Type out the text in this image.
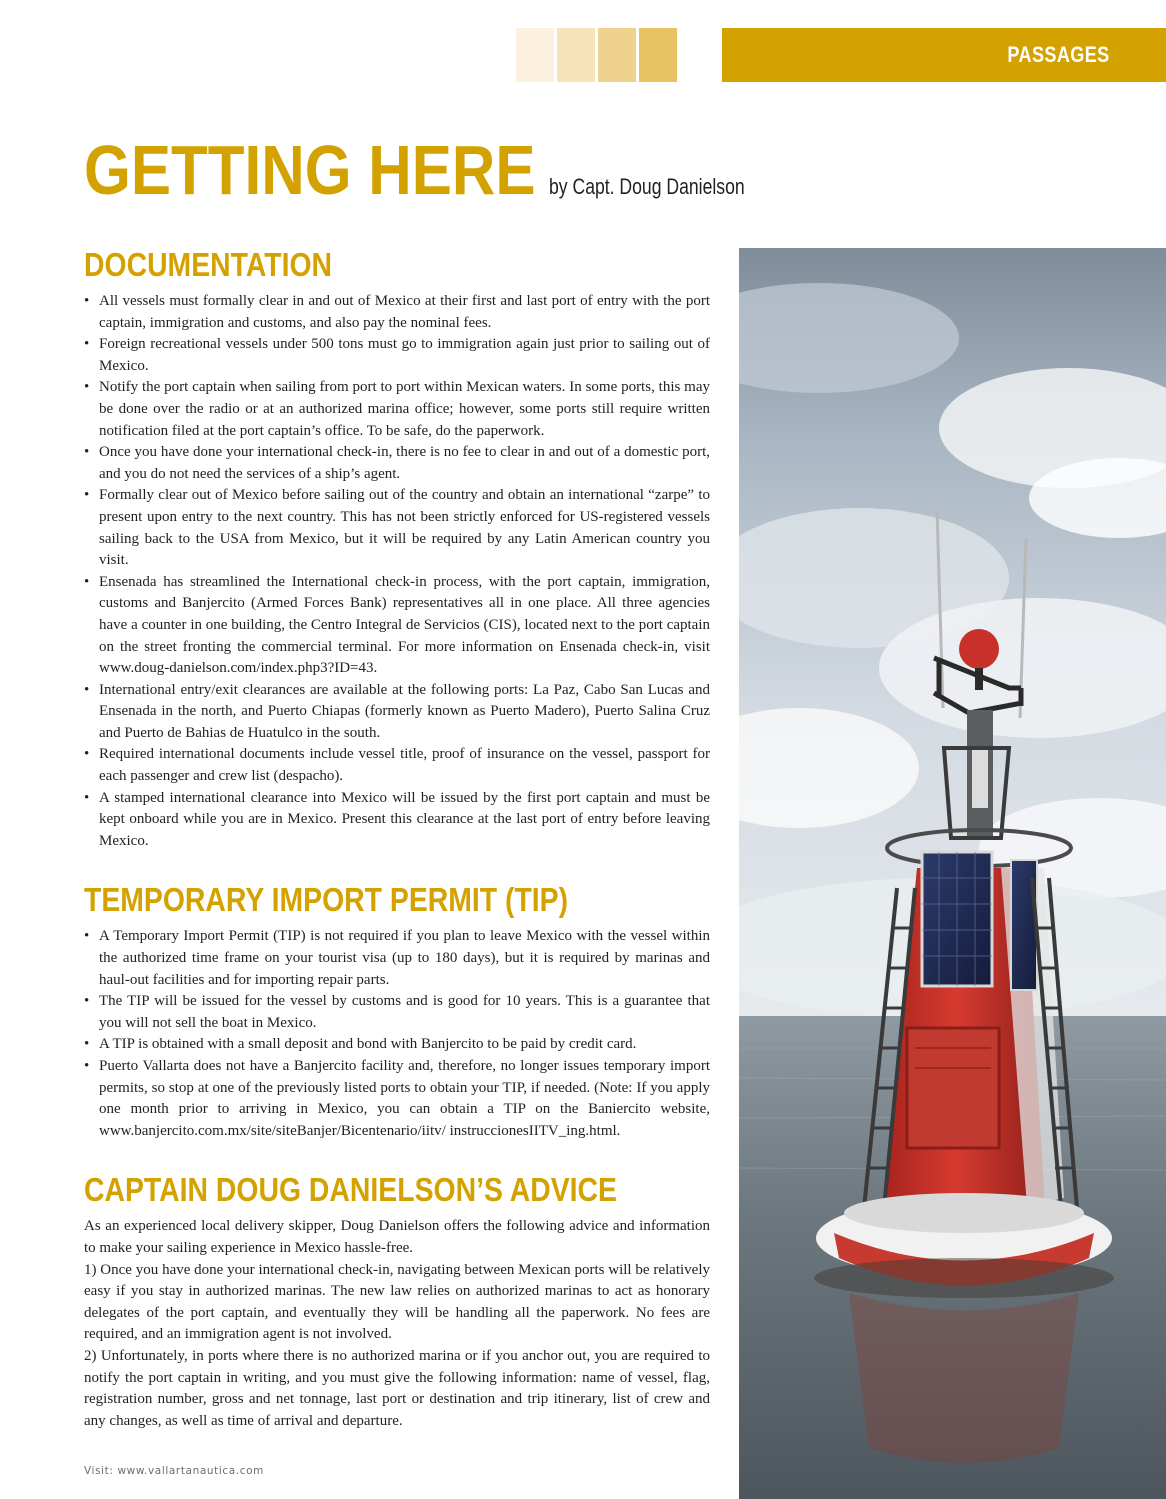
PASSAGES
GETTING HERE by Capt. Doug Danielson
DOCUMENTATION
• All vessels must formally clear in and out of Mexico at their first and last port of entry with the port captain, immigration and customs, and also pay the nominal fees.
• Foreign recreational vessels under 500 tons must go to immigration again just prior to sailing out of Mexico.
• Notify the port captain when sailing from port to port within Mexican waters. In some ports, this may be done over the radio or at an authorized marina office; however, some ports still require written notification filed at the port captain’s office. To be safe, do the paperwork.
• Once you have done your international check-in, there is no fee to clear in and out of a domestic port, and you do not need the services of a ship’s agent.
• Formally clear out of Mexico before sailing out of the country and obtain an international “zarpe” to present upon entry to the next country. This has not been strictly enforced for US-registered vessels sailing back to the USA from Mexico, but it will be required by any Latin American country you visit.
• Ensenada has streamlined the International check-in process, with the port captain, immigration, customs and Banjercito (Armed Forces Bank) representatives all in one place. All three agencies have a counter in one building, the Centro Integral de Servicios (CIS), located next to the port captain on the street fronting the commercial terminal. For more information on Ensenada check-in, visit www.doug-danielson.com/index.php3?ID=43.
• International entry/exit clearances are available at the following ports: La Paz, Cabo San Lucas and Ensenada in the north, and Puerto Chiapas (formerly known as Puerto Madero), Puerto Salina Cruz and Puerto de Bahias de Huatulco in the south.
• Required international documents include vessel title, proof of insurance on the vessel, passport for each passenger and crew list (despacho).
• A stamped international clearance into Mexico will be issued by the first port captain and must be kept onboard while you are in Mexico. Present this clearance at the last port of entry before leaving Mexico.
TEMPORARY IMPORT PERMIT (TIP)
• A Temporary Import Permit (TIP) is not required if you plan to leave Mexico with the vessel within the authorized time frame on your tourist visa (up to 180 days), but it is required by marinas and haul-out facilities and for importing repair parts.
• The TIP will be issued for the vessel by customs and is good for 10 years. This is a guarantee that you will not sell the boat in Mexico.
• A TIP is obtained with a small deposit and bond with Banjercito to be paid by credit card.
• Puerto Vallarta does not have a Banjercito facility and, therefore, no longer issues temporary import permits, so stop at one of the previously listed ports to obtain your TIP, if needed. (Note: If you apply one month prior to arriving in Mexico, you can obtain a TIP on the Baniercito website, www.banjercito.com.mx/site/siteBanjer/Bicentenario/iitv/ instruccionesIITV_ing.html.
CAPTAIN DOUG DANIELSON’S ADVICE

As an experienced local delivery skipper, Doug Danielson offers the following advice and information to make your sailing experience in Mexico hassle-free.

1) Once you have done your international check-in, navigating between Mexican ports will be relatively easy if you stay in authorized marinas. The new law relies on authorized marinas to act as honorary delegates of the port captain, and eventually they will be handling all the paperwork. No fees are required, and an immigration agent is not involved.

2) Unfortunately, in ports where there is no authorized marina or if you anchor out, you are required to notify the port captain in writing, and you must give the following information: name of vessel, flag, registration number, gross and net tonnage, last port or destination and trip itinerary, list of crew and any changes, as well as time of arrival and departure.

Visit: www.vallartanautica.com
